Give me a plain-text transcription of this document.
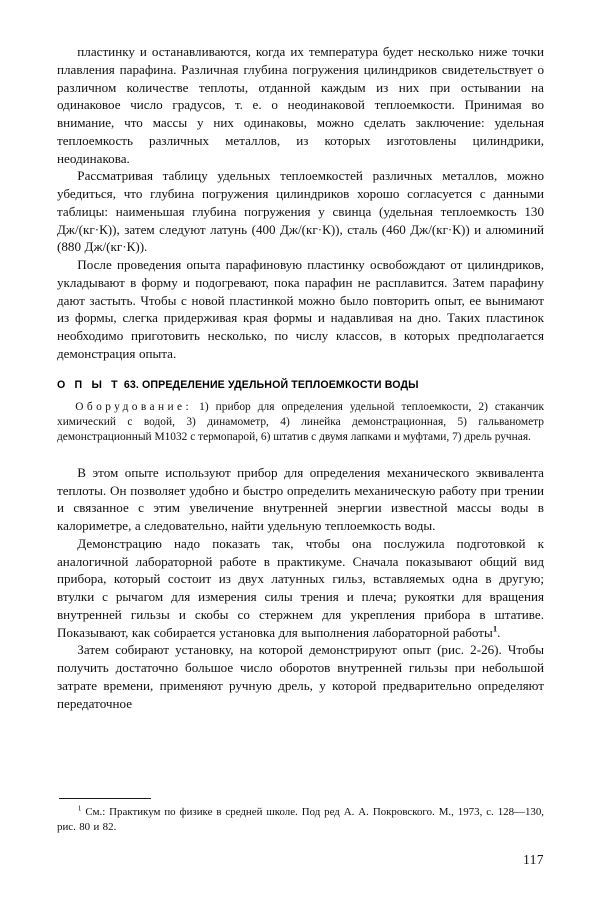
пластинку и останавливаются, когда их температура будет несколько ниже точки плавления парафина. Различная глубина погружения цилиндриков свидетельствует о различном количестве теплоты, отданной каждым из них при остывании на одинаковое число градусов, т. е. о неодинаковой теплоемкости. Принимая во внимание, что массы у них одинаковы, можно сделать заключение: удельная теплоемкость различных металлов, из которых изготовлены цилиндрики, неодинакова.

Рассматривая таблицу удельных теплоемкостей различных металлов, можно убедиться, что глубина погружения цилиндриков хорошо согласуется с данными таблицы: наименьшая глубина погружения у свинца (удельная теплоемкость 130 Дж/(кг·К)), затем следуют латунь (400 Дж/(кг·К)), сталь (460 Дж/(кг·К)) и алюминий (880 Дж/(кг·К)).

После проведения опыта парафиновую пластинку освобождают от цилиндриков, укладывают в форму и подогревают, пока парафин не расплавится. Затем парафину дают застыть. Чтобы с новой пластинкой можно было повторить опыт, ее вынимают из формы, слегка придерживая края формы и надавливая на дно. Таких пластинок необходимо приготовить несколько, по числу классов, в которых предполагается демонстрация опыта.

О П Ы Т 63. ОПРЕДЕЛЕНИЕ УДЕЛЬНОЙ ТЕПЛОЕМКОСТИ ВОДЫ

Оборудование: 1) прибор для определения удельной теплоемкости, 2) стаканчик химический с водой, 3) динамометр, 4) линейка демонстрационная, 5) гальванометр демонстрационный М1032 с термопарой, 6) штатив с двумя лапками и муфтами, 7) дрель ручная.

В этом опыте используют прибор для определения механического эквивалента теплоты. Он позволяет удобно и быстро определить механическую работу при трении и связанное с этим увеличение внутренней энергии известной массы воды в калориметре, а следовательно, найти удельную теплоемкость воды.

Демонстрацию надо показать так, чтобы она послужила подготовкой к аналогичной лабораторной работе в практикуме. Сначала показывают общий вид прибора, который состоит из двух латунных гильз, вставляемых одна в другую; втулки с рычагом для измерения силы трения и плеча; рукоятки для вращения внутренней гильзы и скобы со стержнем для укрепления прибора в штативе. Показывают, как собирается установка для выполнения лабораторной работы$^1$.

Затем собирают установку, на которой демонстрируют опыт (рис. 2-26). Чтобы получить достаточно большое число оборотов внутренней гильзы при небольшой затрате времени, применяют ручную дрель, у которой предварительно определяют передаточное

$^1$ См.: Практикум по физике в средней школе. Под ред А. А. Покровского. М., 1973, с. 128—130, рис. 80 и 82.

117
